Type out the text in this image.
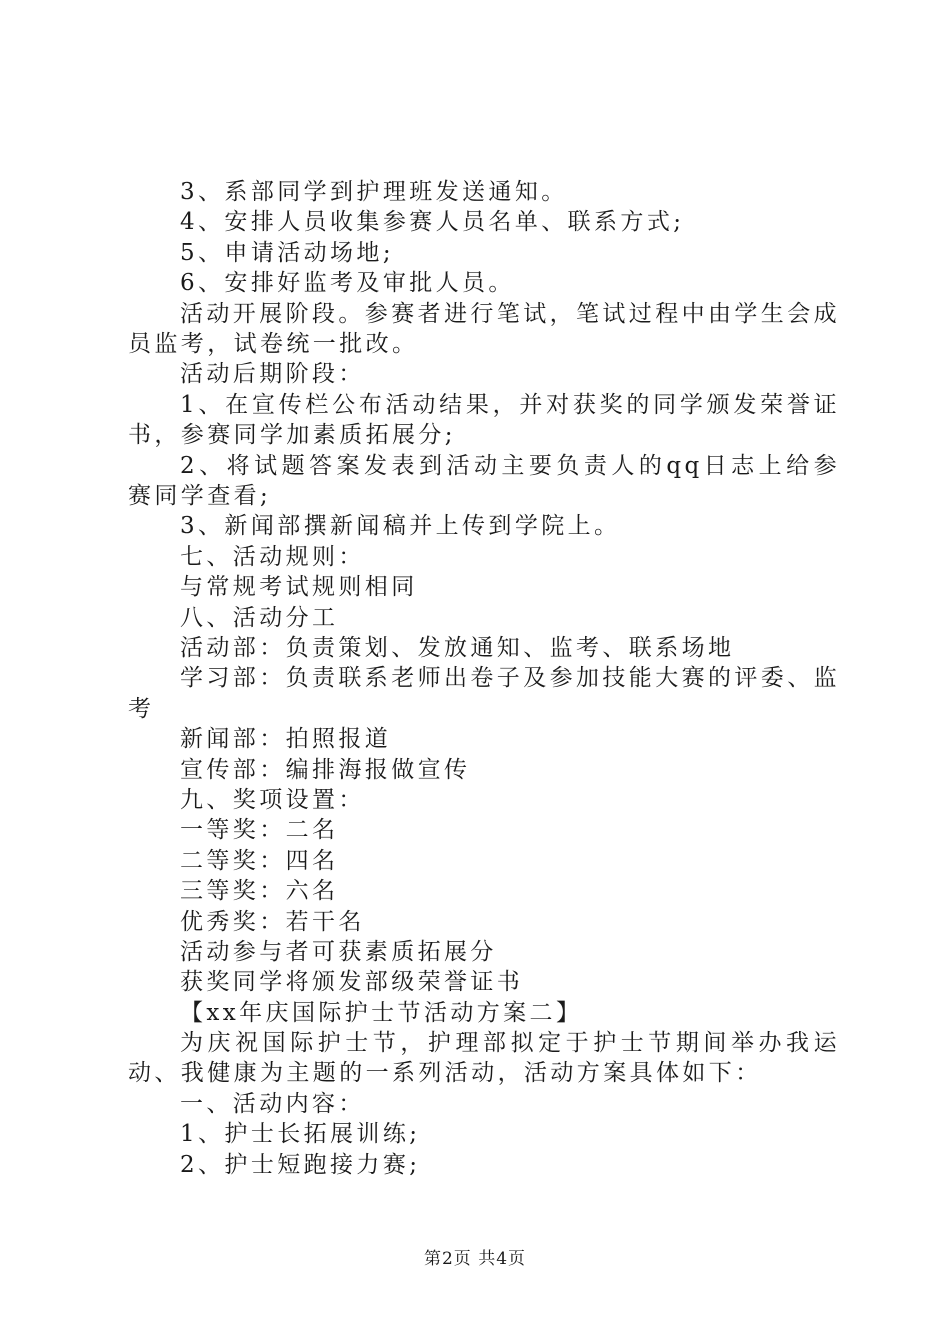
3、系部同学到护理班发送通知。
4、安排人员收集参赛人员名单、联系方式;
5、申请活动场地;
6、安排好监考及审批人员。
活动开展阶段。参赛者进行笔试，笔试过程中由学生会成员监考，试卷统一批改。
活动后期阶段：
1、在宣传栏公布活动结果，并对获奖的同学颁发荣誉证书，参赛同学加素质拓展分;
2、将试题答案发表到活动主要负责人的qq日志上给参赛同学查看;
3、新闻部撰新闻稿并上传到学院上。
七、活动规则：
与常规考试规则相同
八、活动分工
活动部：负责策划、发放通知、监考、联系场地
学习部：负责联系老师出卷子及参加技能大赛的评委、监考
新闻部：拍照报道
宣传部：编排海报做宣传
九、奖项设置：
一等奖：二名
二等奖：四名
三等奖：六名
优秀奖：若干名
活动参与者可获素质拓展分
获奖同学将颁发部级荣誉证书
【xx年庆国际护士节活动方案二】
为庆祝国际护士节，护理部拟定于护士节期间举办我运动、我健康为主题的一系列活动，活动方案具体如下：
一、活动内容：
1、护士长拓展训练;
2、护士短跑接力赛;
第2页 共4页
